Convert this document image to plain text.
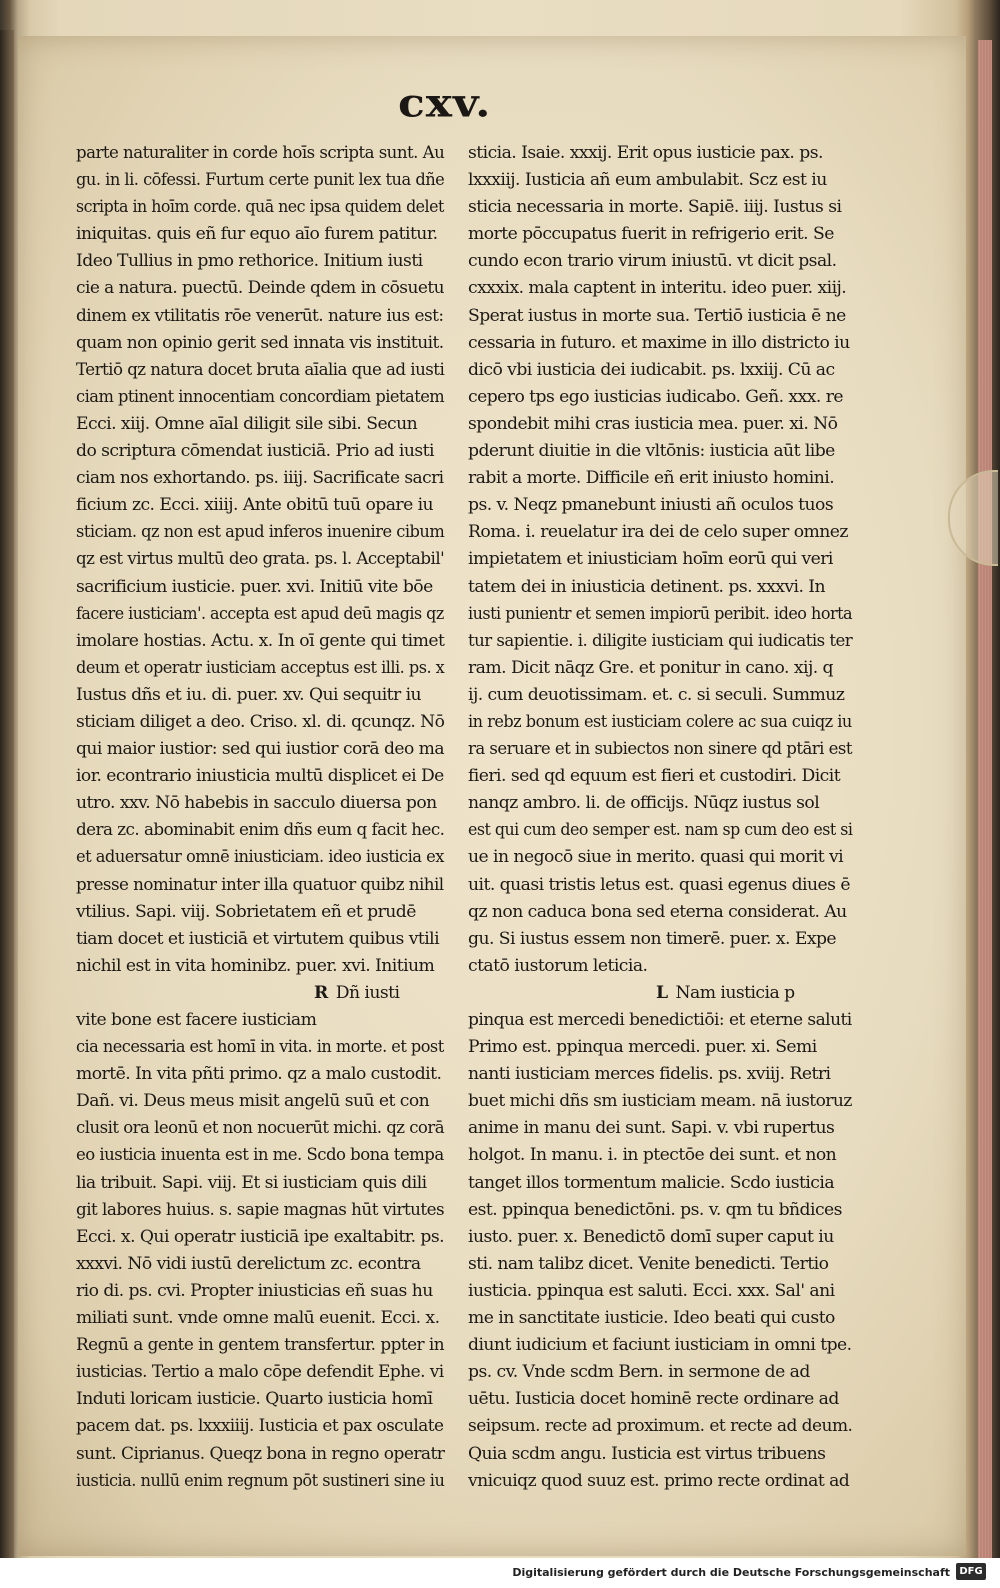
cxv.
parte naturaliter in corde hoīs scripta sunt. Au
gu. in li. cōfessi. Furtum certe punit lex tua dñe
scripta in hoīm corde. quā nec ipsa quidem delet
iniquitas. quis eñ fur equo aīo furem patitur.
Ideo Tullius in pmo rethorice. Initium iusti
cie a natura. puectū. Deinde qdem in cōsuetu
dinem ex vtilitatis rōe venerūt. nature ius est:
quam non opinio gerit sed innata vis instituit.
Tertiō qz natura docet bruta aīalia que ad iusti
ciam ptinent innocentiam concordiam pietatem
Ecci. xiij. Omne aīal diligit sile sibi. Secun
do scriptura cōmendat iusticiā. Prio ad iusti
ciam nos exhortando. ps. iiij. Sacrificate sacri
ficium zc. Ecci. xiiij. Ante obitū tuū opare iu
sticiam. qz non est apud inferos inuenire cibum
qz est virtus multū deo grata. ps. l. Acceptabil'
sacrificium iusticie. puer. xvi. Initiū vite bōe
facere iusticiam'. accepta est apud deū magis qz
imolare hostias. Actu. x. In oī gente qui timet
deum et operatr iusticiam acceptus est illi. ps. x
Iustus dñs et iu. di. puer. xv. Qui sequitr iu
sticiam diliget a deo. Criso. xl. di. qcunqz. Nō
qui maior iustior: sed qui iustior corā deo ma
ior. econtrario iniusticia multū displicet ei De
utro. xxv. Nō habebis in sacculo diuersa pon
dera zc. abominabit enim dñs eum q facit hec.
et aduersatur omnē iniusticiam. ideo iusticia ex
presse nominatur inter illa quatuor quibz nihil
vtilius. Sapi. viij. Sobrietatem eñ et prudē
tiam docet et iusticiā et virtutem quibus vtili
nichil est in vita hominibz. puer. xvi. Initium
R Dñ iusti
vite bone est facere iusticiam
cia necessaria est homī in vita. in morte. et post
mortē. In vita pñti primo. qz a malo custodit.
Dañ. vi. Deus meus misit angelū suū et con
clusit ora leonū et non nocuerūt michi. qz corā
eo iusticia inuenta est in me. Scdo bona tempa
lia tribuit. Sapi. viij. Et si iusticiam quis dili
git labores huius. s. sapie magnas hūt virtutes
Ecci. x. Qui operatr iusticiā ipe exaltabitr. ps.
xxxvi. Nō vidi iustū derelictum zc. econtra
rio di. ps. cvi. Propter iniusticias eñ suas hu
miliati sunt. vnde omne malū euenit. Ecci. x.
Regnū a gente in gentem transfertur. ppter in
iusticias. Tertio a malo cōpe defendit Ephe. vi
Induti loricam iusticie. Quarto iusticia homī
pacem dat. ps. lxxxiiij. Iusticia et pax osculate
sunt. Ciprianus. Queqz bona in regno operatr
iusticia. nullū enim regnum pōt sustineri sine iu
sticia. Isaie. xxxij. Erit opus iusticie pax. ps.
lxxxiij. Iusticia añ eum ambulabit. Scz est iu
sticia necessaria in morte. Sapiē. iiij. Iustus si
morte pōccupatus fuerit in refrigerio erit. Se
cundo econ trario virum iniustū. vt dicit psal.
cxxxix. mala captent in interitu. ideo puer. xiij.
Sperat iustus in morte sua. Tertiō iusticia ē ne
cessaria in futuro. et maxime in illo districto iu
dicō vbi iusticia dei iudicabit. ps. lxxiij. Cū ac
cepero tps ego iusticias iudicabo. Geñ. xxx. re
spondebit mihi cras iusticia mea. puer. xi. Nō
pderunt diuitie in die vltōnis: iusticia aūt libe
rabit a morte. Difficile eñ erit iniusto homini.
ps. v. Neqz pmanebunt iniusti añ oculos tuos
Roma. i. reuelatur ira dei de celo super omnez
impietatem et iniusticiam hoīm eorū qui veri
tatem dei in iniusticia detinent. ps. xxxvi. In
iusti punientr et semen impiorū peribit. ideo horta
tur sapientie. i. diligite iusticiam qui iudicatis ter
ram. Dicit nāqz Gre. et ponitur in cano. xij. q
ij. cum deuotissimam. et. c. si seculi. Summuz
in rebz bonum est iusticiam colere ac sua cuiqz iu
ra seruare et in subiectos non sinere qd ptāri est
fieri. sed qd equum est fieri et custodiri. Dicit
nanqz ambro. li. de officijs. Nūqz iustus sol
est qui cum deo semper est. nam sp cum deo est si
ue in negocō siue in merito. quasi qui morit vi
uit. quasi tristis letus est. quasi egenus diues ē
qz non caduca bona sed eterna considerat. Au
gu. Si iustus essem non timerē. puer. x. Expe
ctatō iustorum leticia.
L Nam iusticia p
pinqua est mercedi benedictiōi: et eterne saluti
Primo est. ppinqua mercedi. puer. xi. Semi
nanti iusticiam merces fidelis. ps. xviij. Retri
buet michi dñs sm iusticiam meam. nā iustoruz
anime in manu dei sunt. Sapi. v. vbi rupertus
holgot. In manu. i. in ptectōe dei sunt. et non
tanget illos tormentum malicie. Scdo iusticia
est. ppinqua benedictōni. ps. v. qm tu bñdices
iusto. puer. x. Benedictō domī super caput iu
sti. nam talibz dicet. Venite benedicti. Tertio
iusticia. ppinqua est saluti. Ecci. xxx. Sal' ani
me in sanctitate iusticie. Ideo beati qui custo
diunt iudicium et faciunt iusticiam in omni tpe.
ps. cv. Vnde scdm Bern. in sermone de ad
uētu. Iusticia docet hominē recte ordinare ad
seipsum. recte ad proximum. et recte ad deum.
Quia scdm angu. Iusticia est virtus tribuens
vnicuiqz quod suuz est. primo recte ordinat ad
Digitalisierung gefördert durch die Deutsche Forschungsgemeinschaft DFG
